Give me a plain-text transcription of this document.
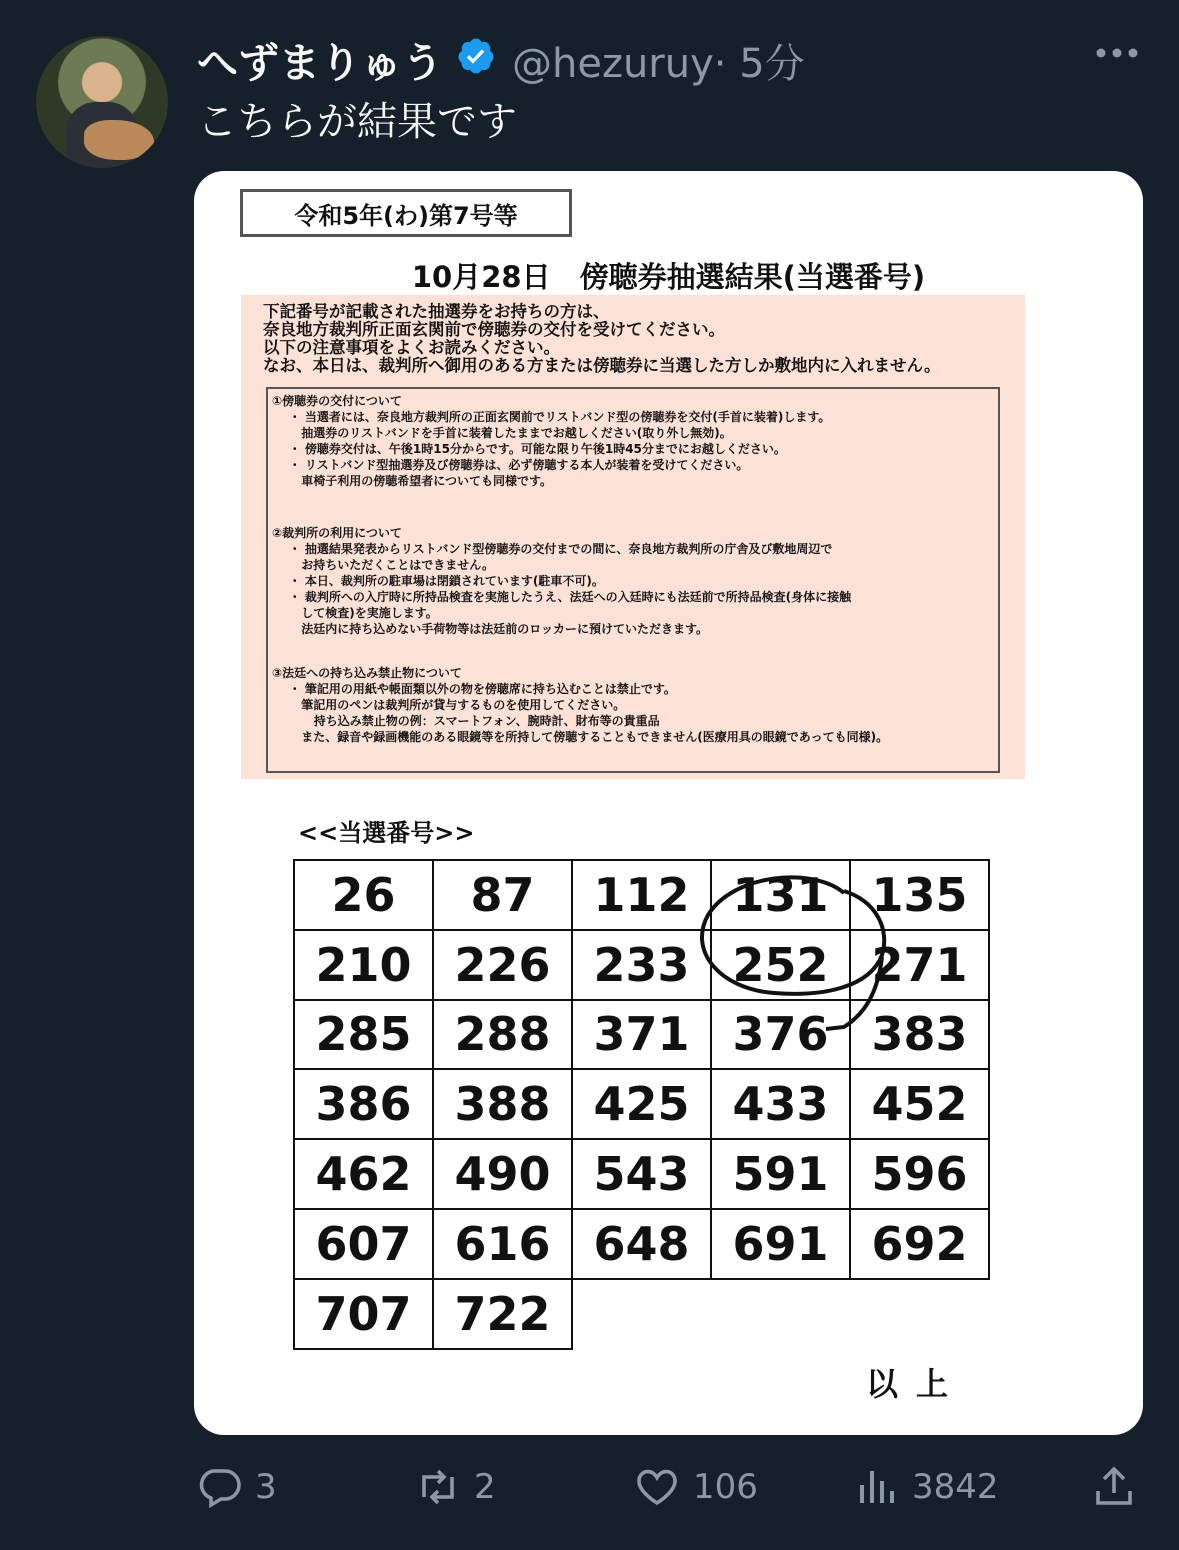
へずまりゅう @hezuruy· 5分
こちらが結果です
令和5年(わ)第7号等
10月28日　傍聴券抽選結果(当選番号)
下記番号が記載された抽選券をお持ちの方は、
奈良地方裁判所正面玄関前で傍聴券の交付を受けてください。
以下の注意事項をよくお読みください。
なお、本日は、裁判所へ御用のある方または傍聴券に当選した方しか敷地内に入れません。
①傍聴券の交付について
・ 当選者には、奈良地方裁判所の正面玄関前でリストバンド型の傍聴券を交付(手首に装着)します。
抽選券のリストバンドを手首に装着したままでお越しください(取り外し無効)。
・ 傍聴券交付は、午後1時15分からです。可能な限り午後1時45分までにお越しください。
・ リストバンド型抽選券及び傍聴券は、必ず傍聴する本人が装着を受けてください。
車椅子利用の傍聴希望者についても同様です。
②裁判所の利用について
・ 抽選結果発表からリストバンド型傍聴券の交付までの間に、奈良地方裁判所の庁舎及び敷地周辺で
お持ちいただくことはできません。
・ 本日、裁判所の駐車場は閉鎖されています(駐車不可)。
・ 裁判所への入庁時に所持品検査を実施したうえ、法廷への入廷時にも法廷前で所持品検査(身体に接触
して検査)を実施します。
法廷内に持ち込めない手荷物等は法廷前のロッカーに預けていただきます。
③法廷への持ち込み禁止物について
・ 筆記用の用紙や帳面類以外の物を傍聴席に持ち込むことは禁止です。
筆記用のペンは裁判所が貸与するものを使用してください。
持ち込み禁止物の例：スマートフォン、腕時計、財布等の貴重品
また、録音や録画機能のある眼鏡等を所持して傍聴することもできません(医療用具の眼鏡であっても同様)。
<<当選番号>>
26	87	112	131	135
210	226	233	252	271
285	288	371	376	383
386	388	425	433	452
462	490	543	591	596
607	616	648	691	692
707	722			
以上
3	2	106	3842
